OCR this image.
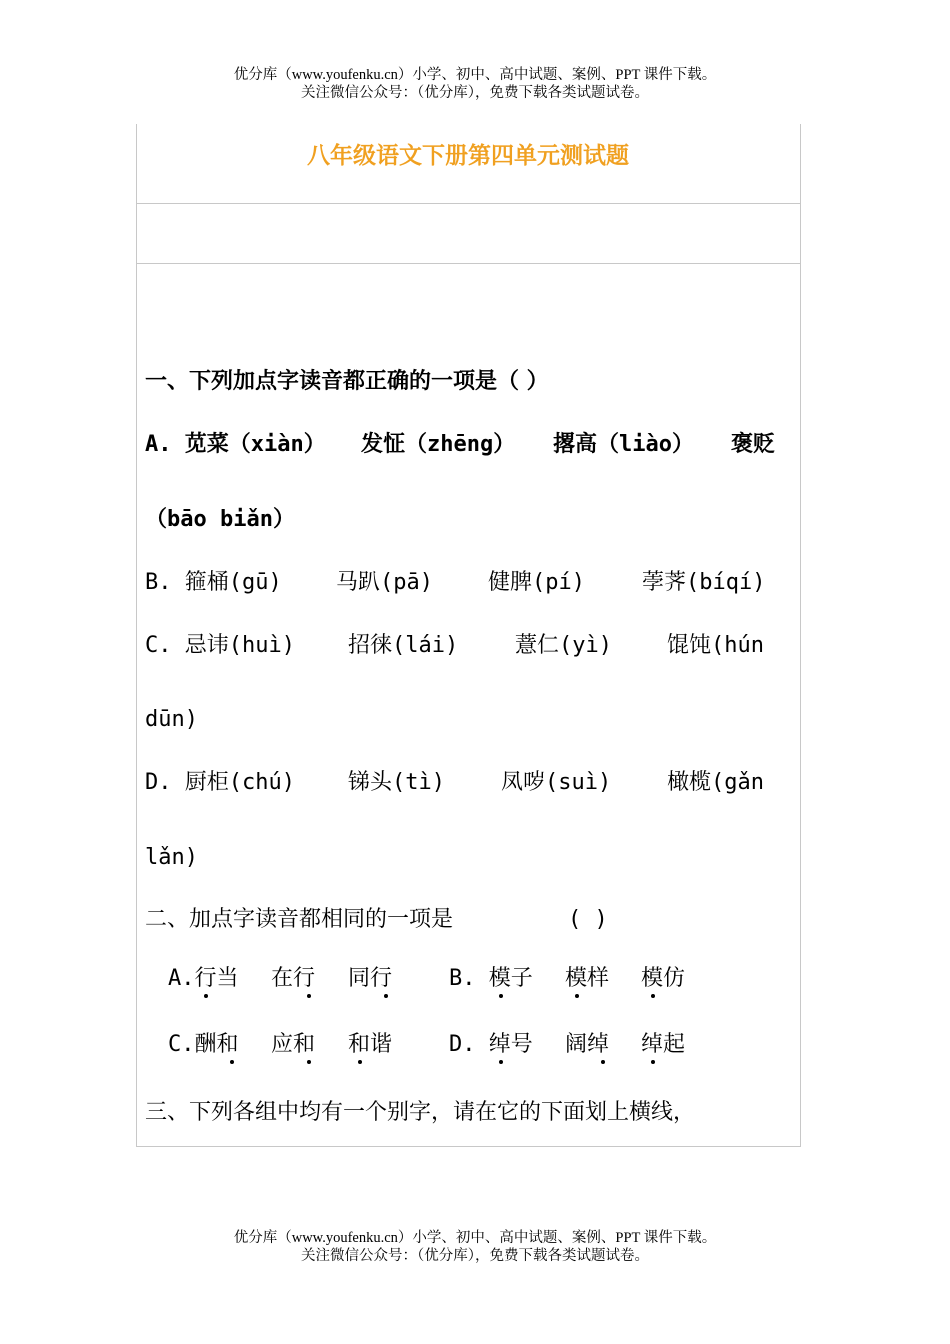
优分库（www.youfenku.cn）小学、初中、高中试题、案例、PPT 课件下载。
关注微信公众号：（优分库），免费下载各类试题试卷。
八年级语文下册第四单元测试题
一、下列加点字读音都正确的一项是（ ）
A. 苋菜（xiàn） 发怔（zhēng） 撂高（liào） 褒贬
（bāo biǎn）
B. 箍桶(gū) 马趴(pā)	健脾(pí)	荸荠(bíqí)
C. 忌讳(huì) 招徕(lái)	薏仁(yì)	馄饨(hún
dūn)
D. 厨柜(chú) 锑头(tì)	凤哕(suì)	橄榄(gǎn
lǎn)
二、加点字读音都相同的一项是	( )
A.行当 在行 同行	B. 模子 模样 模仿
C.酬和 应和 和谐	D. 绰号 阔绰 绰起
三、下列各组中均有一个别字，请在它的下面划上横线，
优分库（www.youfenku.cn）小学、初中、高中试题、案例、PPT 课件下载。
关注微信公众号：（优分库），免费下载各类试题试卷。
